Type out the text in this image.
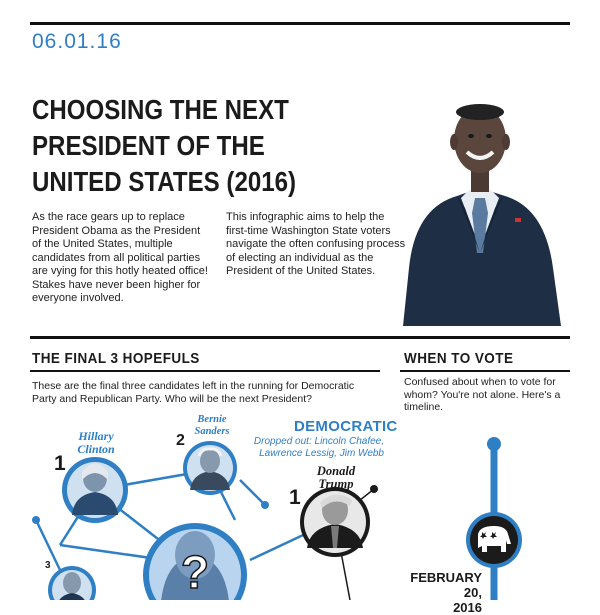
06.01.16
CHOOSING THE NEXT
PRESIDENT OF THE
UNITED STATES (2016)
As the race gears up to replace President Obama as the President of the United States, multiple candidates from all political parties are vying for this hotly heated office! Stakes have never been higher for everyone involved.
This infographic aims to help the first-time Washington State voters navigate the often confusing process of electing an individual as the President of the United States.
?
THE FINAL 3 HOPEFULS
These are the final three candidates left in the running for Democratic Party and Republican Party. Who will be the next President?
1
Hillary
Clinton	2
Bernie
Sanders
3
DEMOCRATIC
Dropped out: Lincoln Chafee, Lawrence Lessig, Jim Webb
Donald
Trump
1
WHEN TO VOTE
Confused about when to vote for whom? You're not alone. Here's a timeline.
FEBRUARY 20,
2016
